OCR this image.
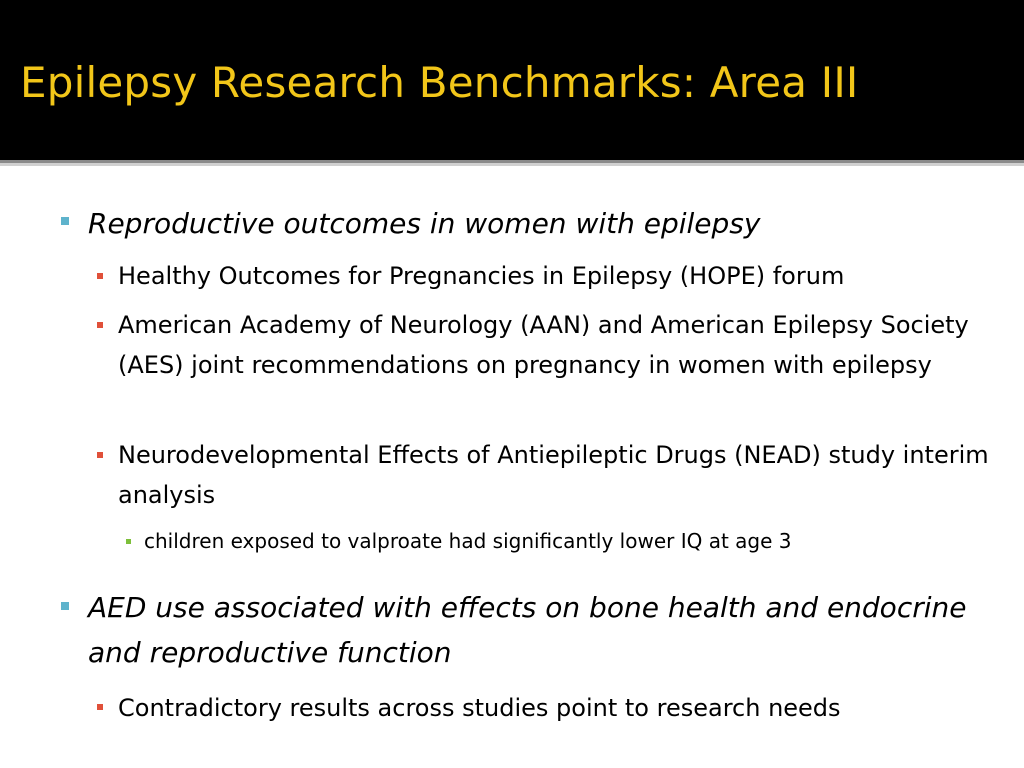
Epilepsy Research Benchmarks: Area III
Reproductive outcomes in women with epilepsy
Healthy Outcomes for Pregnancies in Epilepsy (HOPE) forum
American Academy of Neurology (AAN) and American Epilepsy Society (AES) joint recommendations on pregnancy in women with epilepsy
Neurodevelopmental Effects of Antiepileptic Drugs (NEAD) study interim analysis
children exposed to valproate had significantly lower IQ at age 3
AED use associated with effects on bone health and endocrine and reproductive function
Contradictory results across studies point to research needs
